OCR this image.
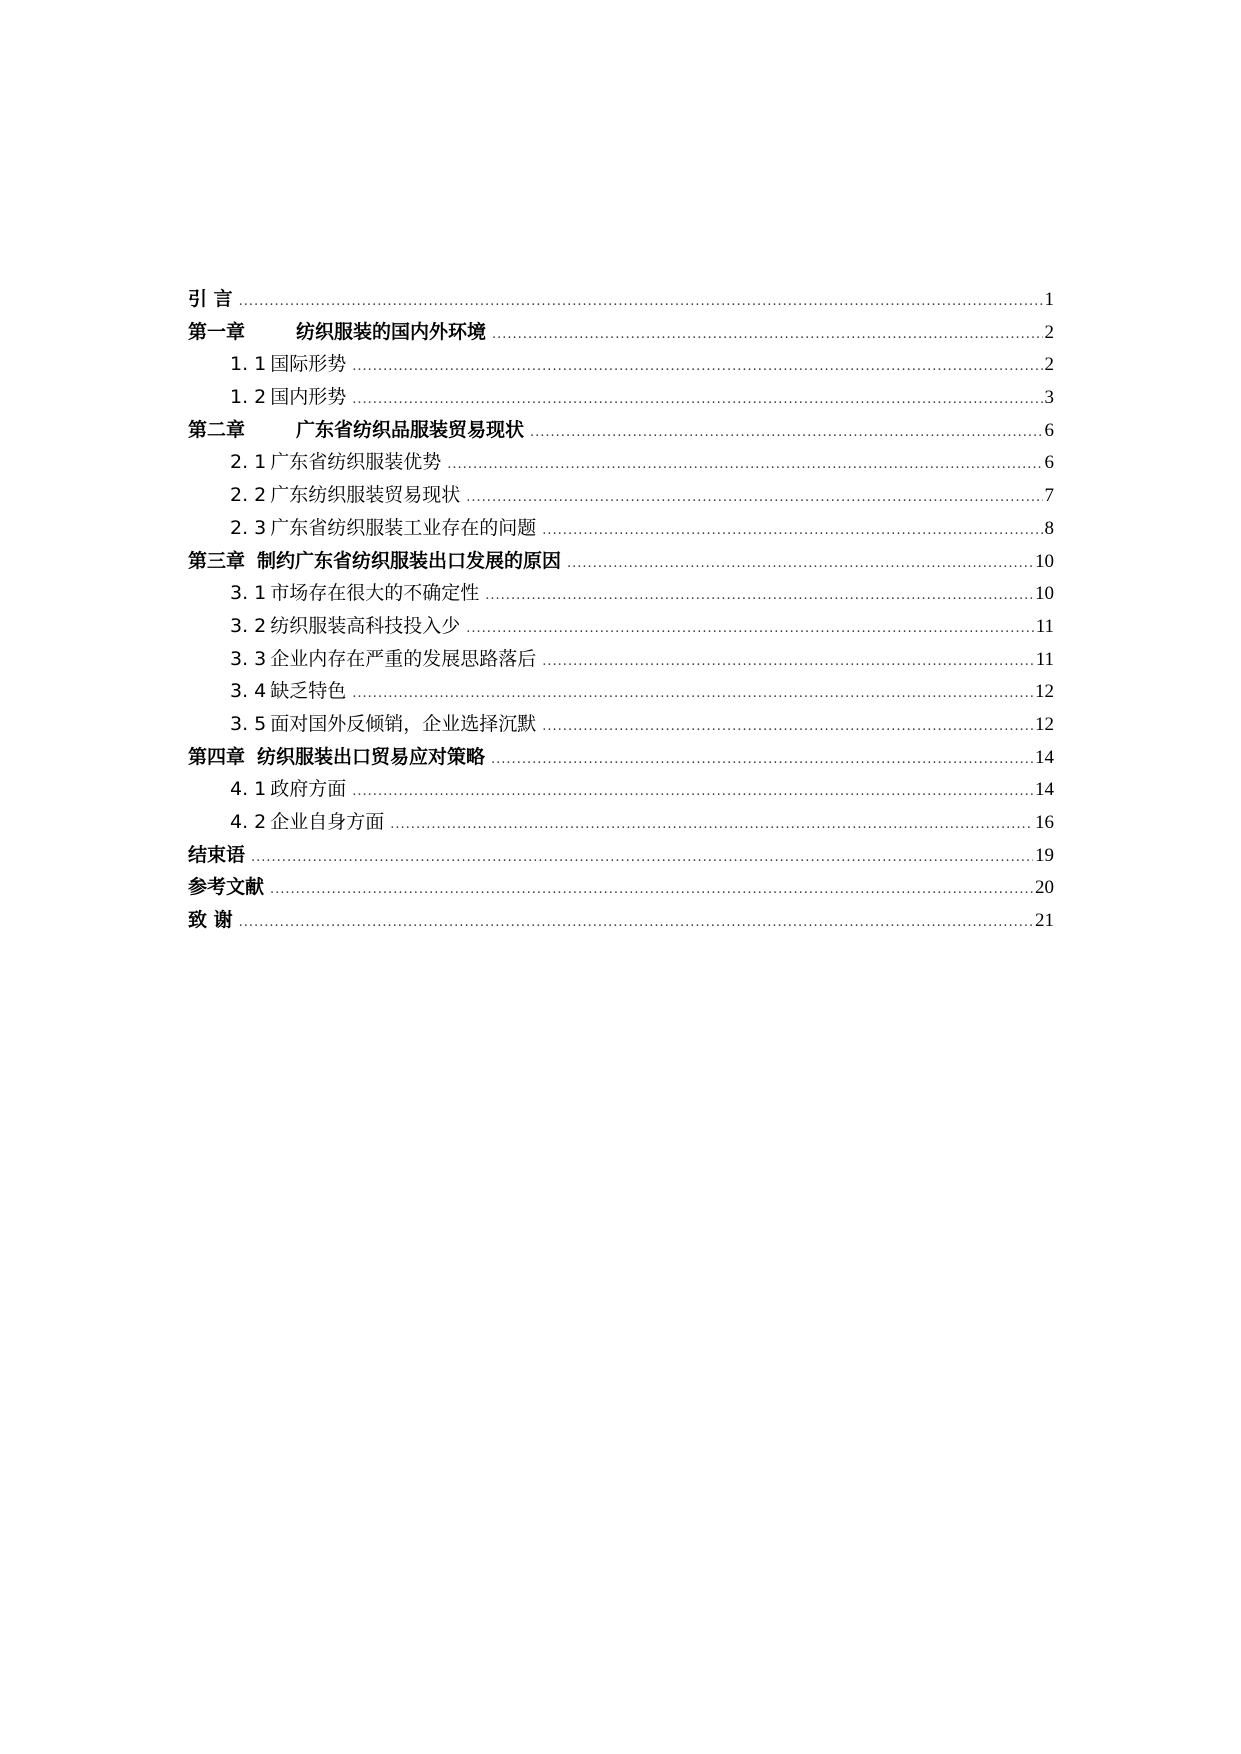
引 言 .....	1
第一章	纺织服装的国内外环境 .....	2
1. 1 国际形势 .....	2
1. 2 国内形势 .....	3
第二章	广东省纺织品服装贸易现状 .....	6
2. 1 广东省纺织服装优势 .....	6
2. 2 广东纺织服装贸易现状 .....	7
2. 3 广东省纺织服装工业存在的问题 .....	8
第三章 制约广东省纺织服装出口发展的原因 .....	10
3. 1 市场存在很大的不确定性 .....	10
3. 2 纺织服装高科技投入少 .....	11
3. 3 企业内存在严重的发展思路落后 .....	11
3. 4 缺乏特色 .....	12
3. 5 面对国外反倾销，企业选择沉默 .....	12
第四章 纺织服装出口贸易应对策略 .....	14
4. 1 政府方面 .....	14
4. 2 企业自身方面 .....	16
结束语 .....	19
参考文献 .....	20
致 谢 .....	21
